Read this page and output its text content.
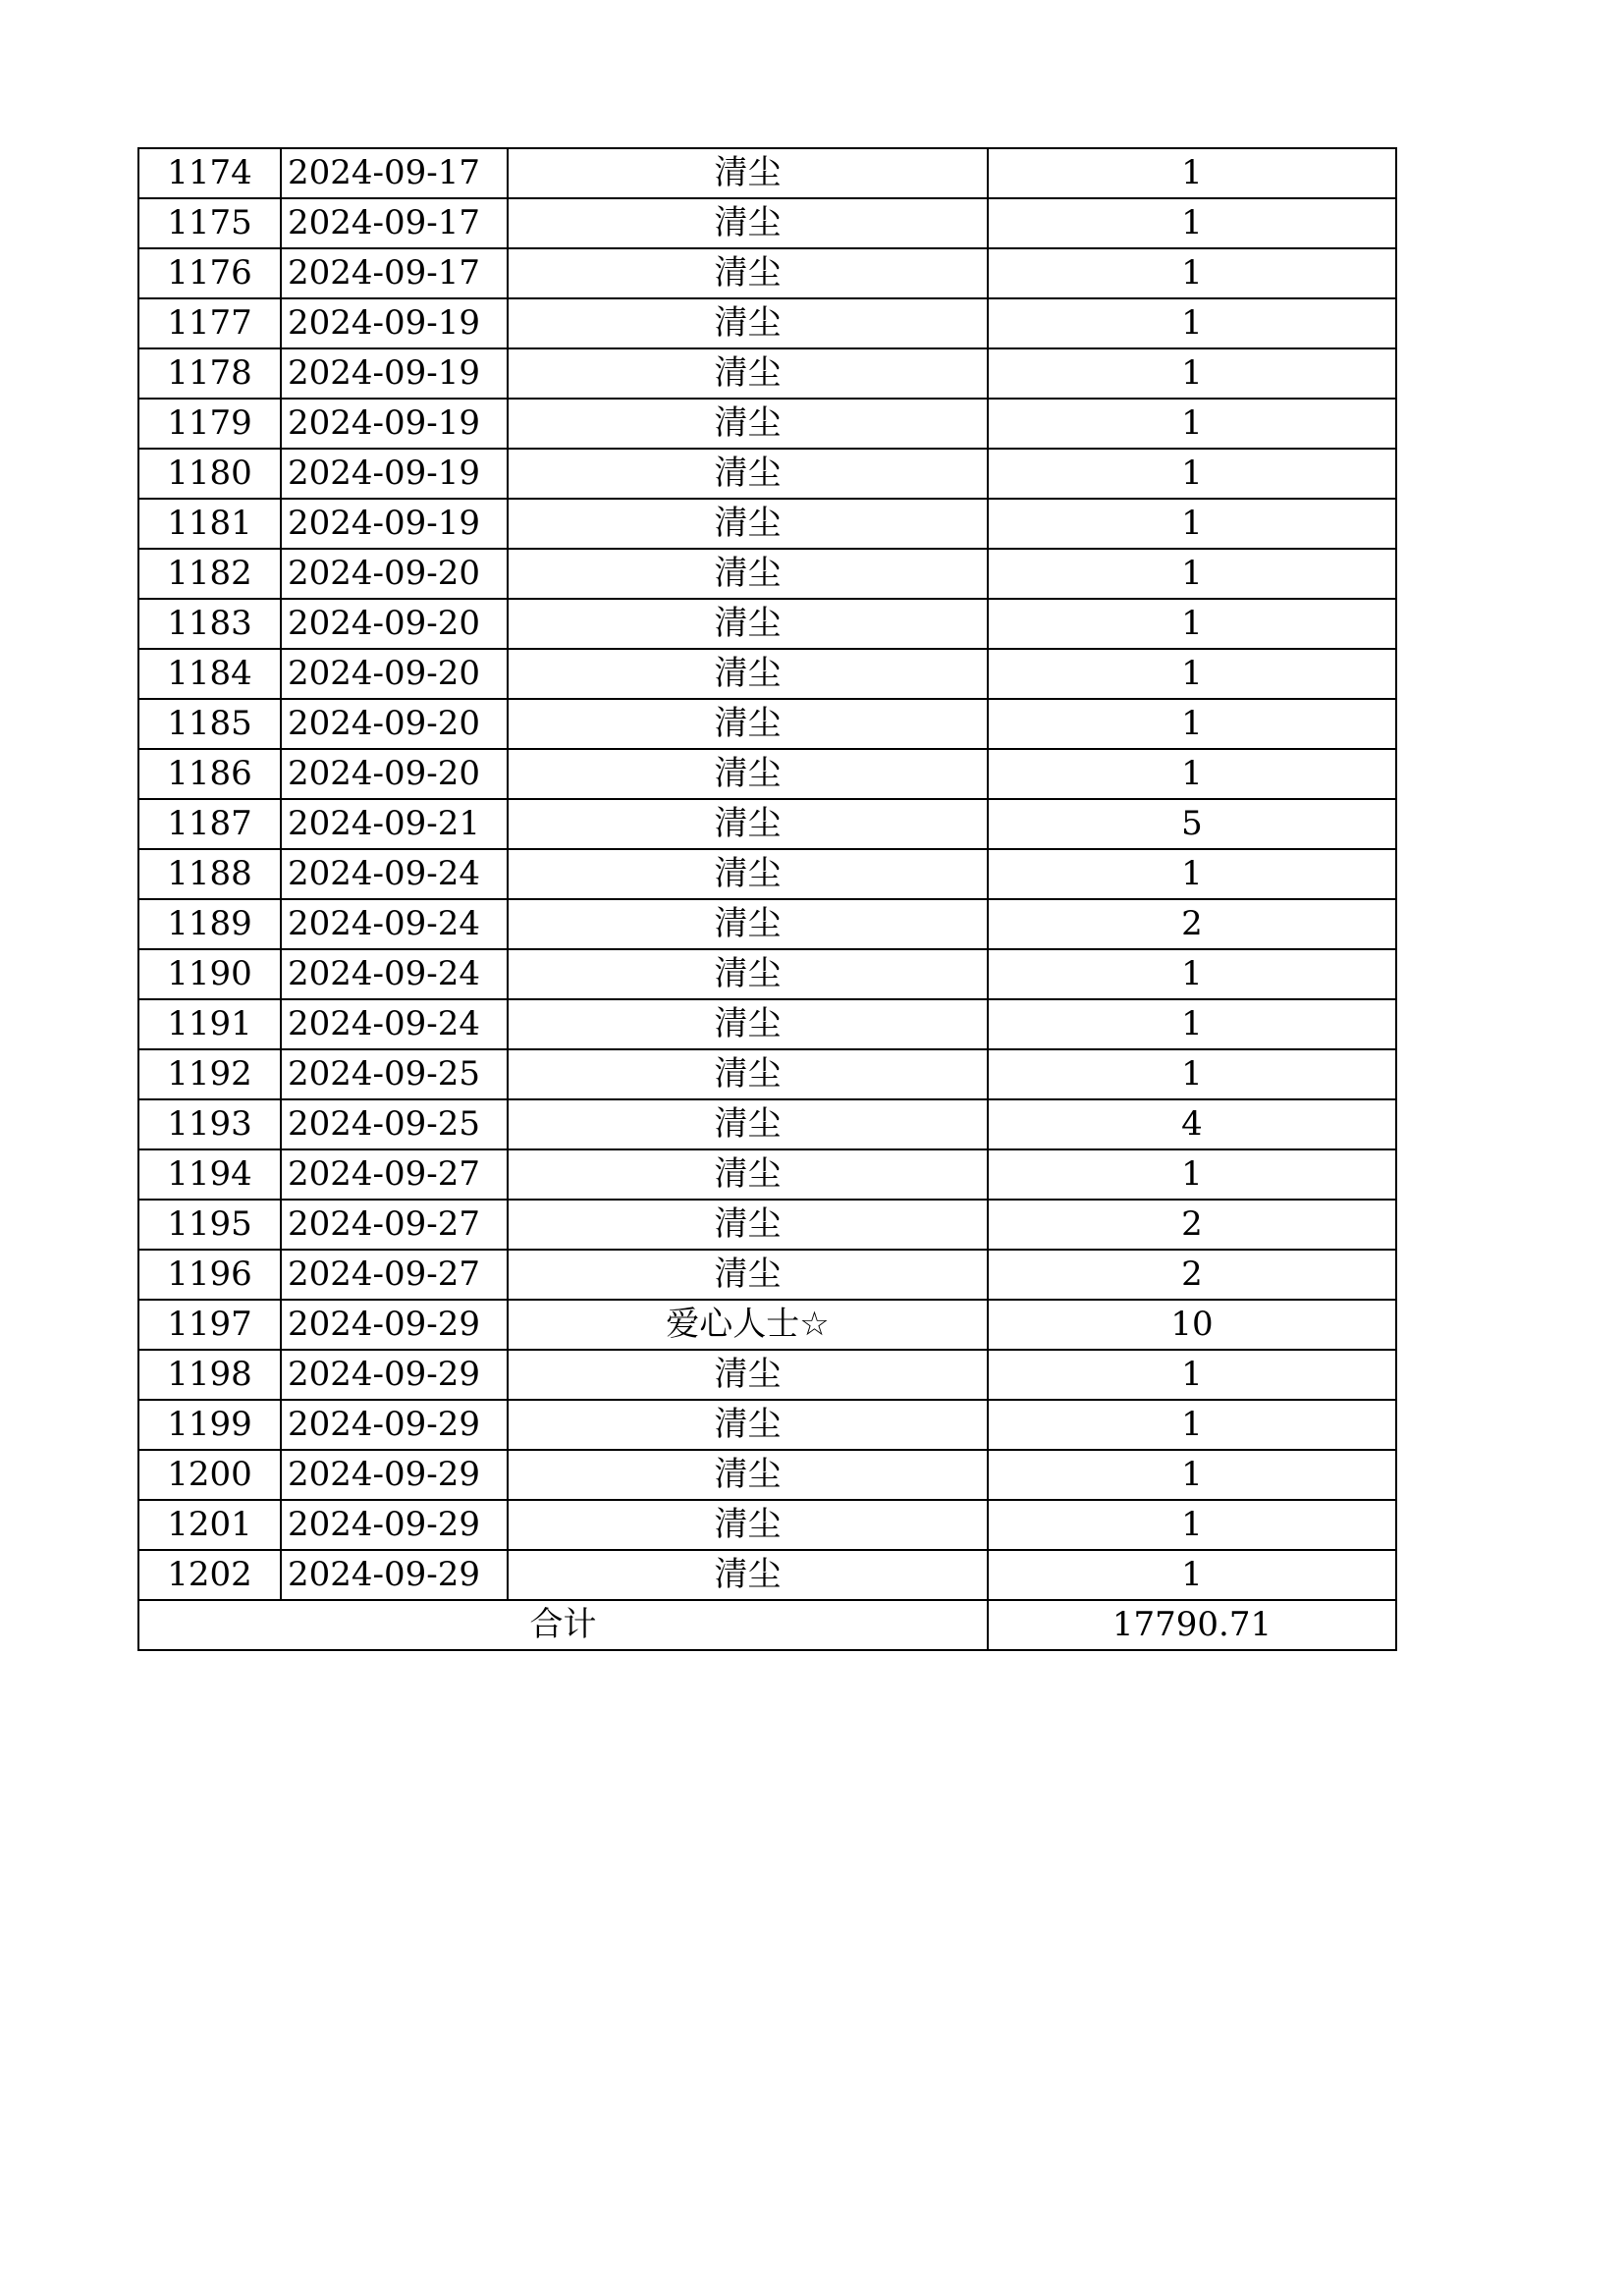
1174	2024-09-17	清尘	1
1175	2024-09-17	清尘	1
1176	2024-09-17	清尘	1
1177	2024-09-19	清尘	1
1178	2024-09-19	清尘	1
1179	2024-09-19	清尘	1
1180	2024-09-19	清尘	1
1181	2024-09-19	清尘	1
1182	2024-09-20	清尘	1
1183	2024-09-20	清尘	1
1184	2024-09-20	清尘	1
1185	2024-09-20	清尘	1
1186	2024-09-20	清尘	1
1187	2024-09-21	清尘	5
1188	2024-09-24	清尘	1
1189	2024-09-24	清尘	2
1190	2024-09-24	清尘	1
1191	2024-09-24	清尘	1
1192	2024-09-25	清尘	1
1193	2024-09-25	清尘	4
1194	2024-09-27	清尘	1
1195	2024-09-27	清尘	2
1196	2024-09-27	清尘	2
1197	2024-09-29	爱心人士☆	10
1198	2024-09-29	清尘	1
1199	2024-09-29	清尘	1
1200	2024-09-29	清尘	1
1201	2024-09-29	清尘	1
1202	2024-09-29	清尘	1
合计			17790.71
